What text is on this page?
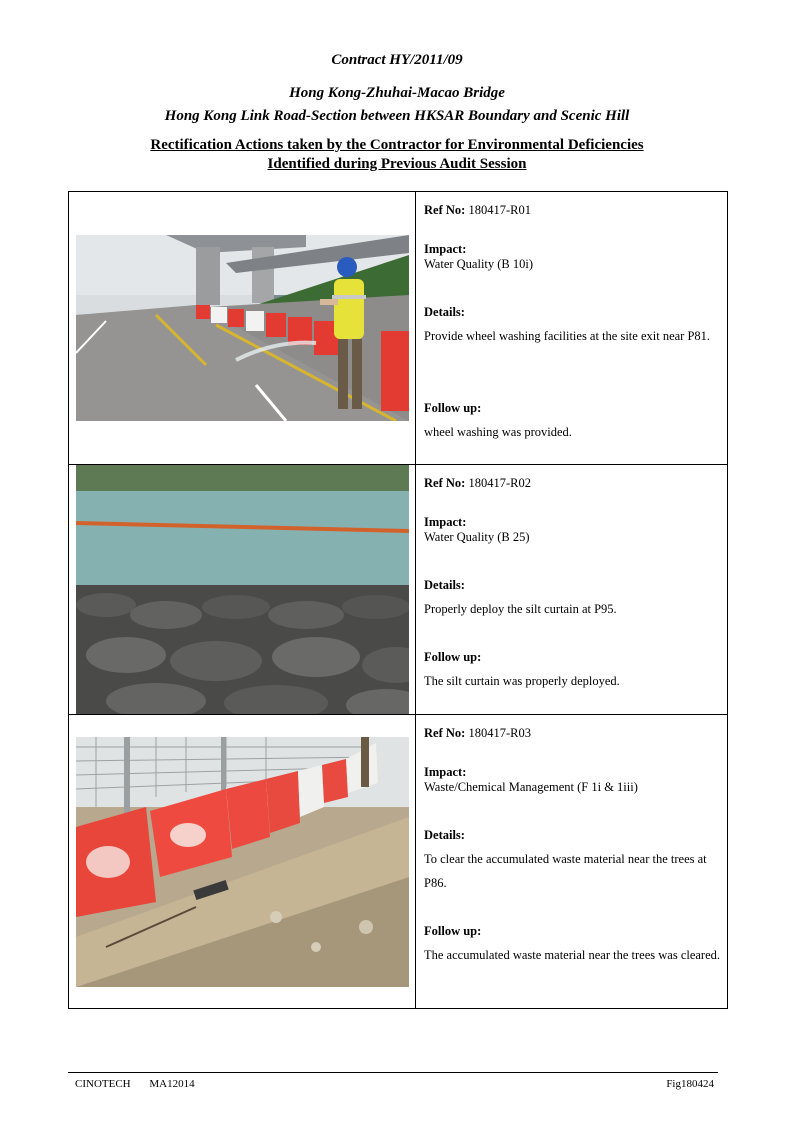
Contract HY/2011/09
Hong Kong-Zhuhai-Macao Bridge
Hong Kong Link Road-Section between HKSAR Boundary and Scenic Hill
Rectification Actions taken by the Contractor for Environmental Deficiencies
Identified during Previous Audit Session
Ref No: 180417-R01
Impact:
Water Quality (B 10i)
Details:
Provide wheel washing facilities at the site exit near P81.
Follow up:
wheel washing was provided.
Ref No: 180417-R02
Impact:
Water Quality (B 25)
Details:
Properly deploy the silt curtain at P95.
Follow up:
The silt curtain was properly deployed.
Ref No: 180417-R03
Impact:
Waste/Chemical Management (F 1i & 1iii)
Details:
To clear the accumulated waste material near the trees at P86.
Follow up:
The accumulated waste material near the trees was cleared.
CINOTECH MA12014	Fig180424
